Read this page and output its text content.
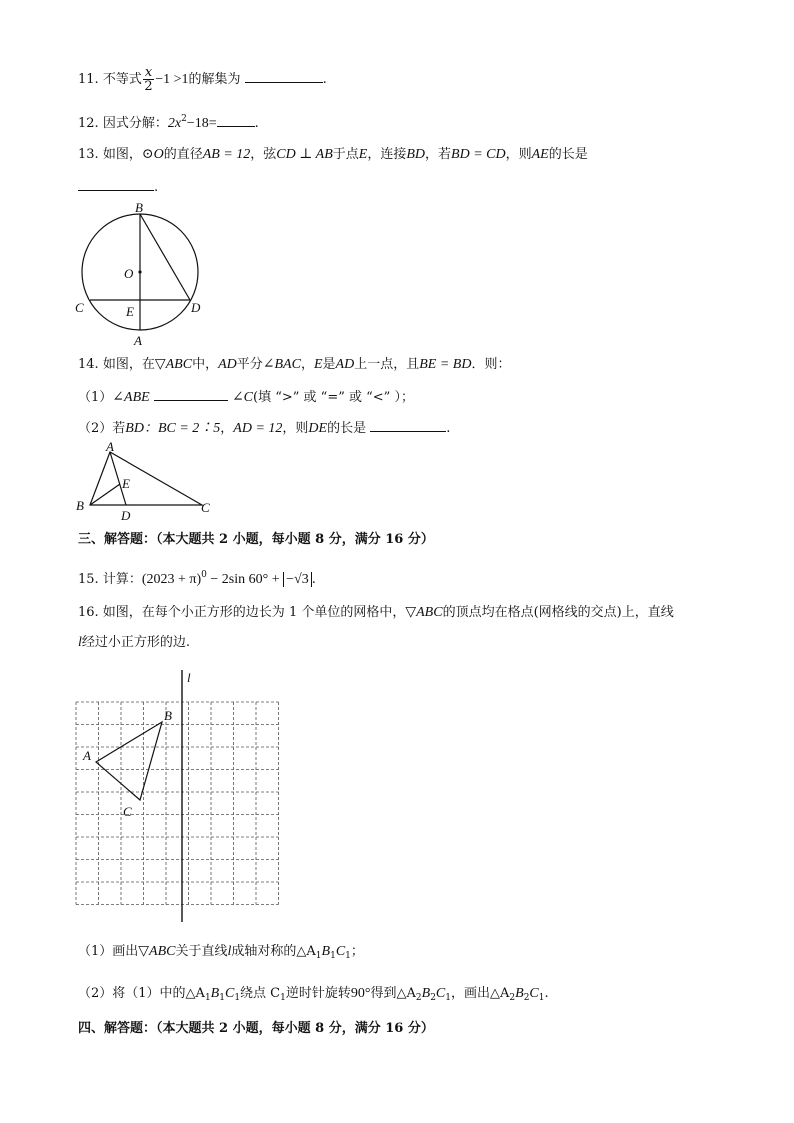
11. 不等式 $\frac{x}{2} -1 >1$的解集为	.
12. 因式分解：$2x^2-18=$	.
13. 如图，⊙O的直径AB = 12，弦CD ⊥ AB于点E，连接BD，若BD = CD，则AE的长是
.
B
O
C	E	D
A
14. 如图，在▽ABC中，AD平分∠BAC，E是AD上一点，且BE = BD．则：
（1）∠ABE	∠C(填 “>” 或 “=” 或 “<” ）；
（2）若BD：BC = 2∶5，AD = 12，则DE的长是	.
A
E
B
D
C
三、解答题：（本大题共 2 小题，每小题 8 分，满分 16 分）
15. 计算：$(2023 + \pi)^0 - 2\sin$ 60° + −√3 .
16. 如图，在每个小正方形的边长为 1 个单位的网格中，▽ABC的顶点均在格点(网格线的交点)上，直线
l经过小正方形的边.
l
A
B
C
（1）画出▽ABC关于直线l成轴对称的$\triangle A_1B_1C_1$；
（2）将（1）中的$\triangle A_1B_1C_1$绕点 $C_1$逆时针旋转90°得到$\triangle A_2B_2C_1$，画出$\triangle A_2B_2C_1$.
四、解答题：（本大题共 2 小题，每小题 8 分，满分 16 分）
